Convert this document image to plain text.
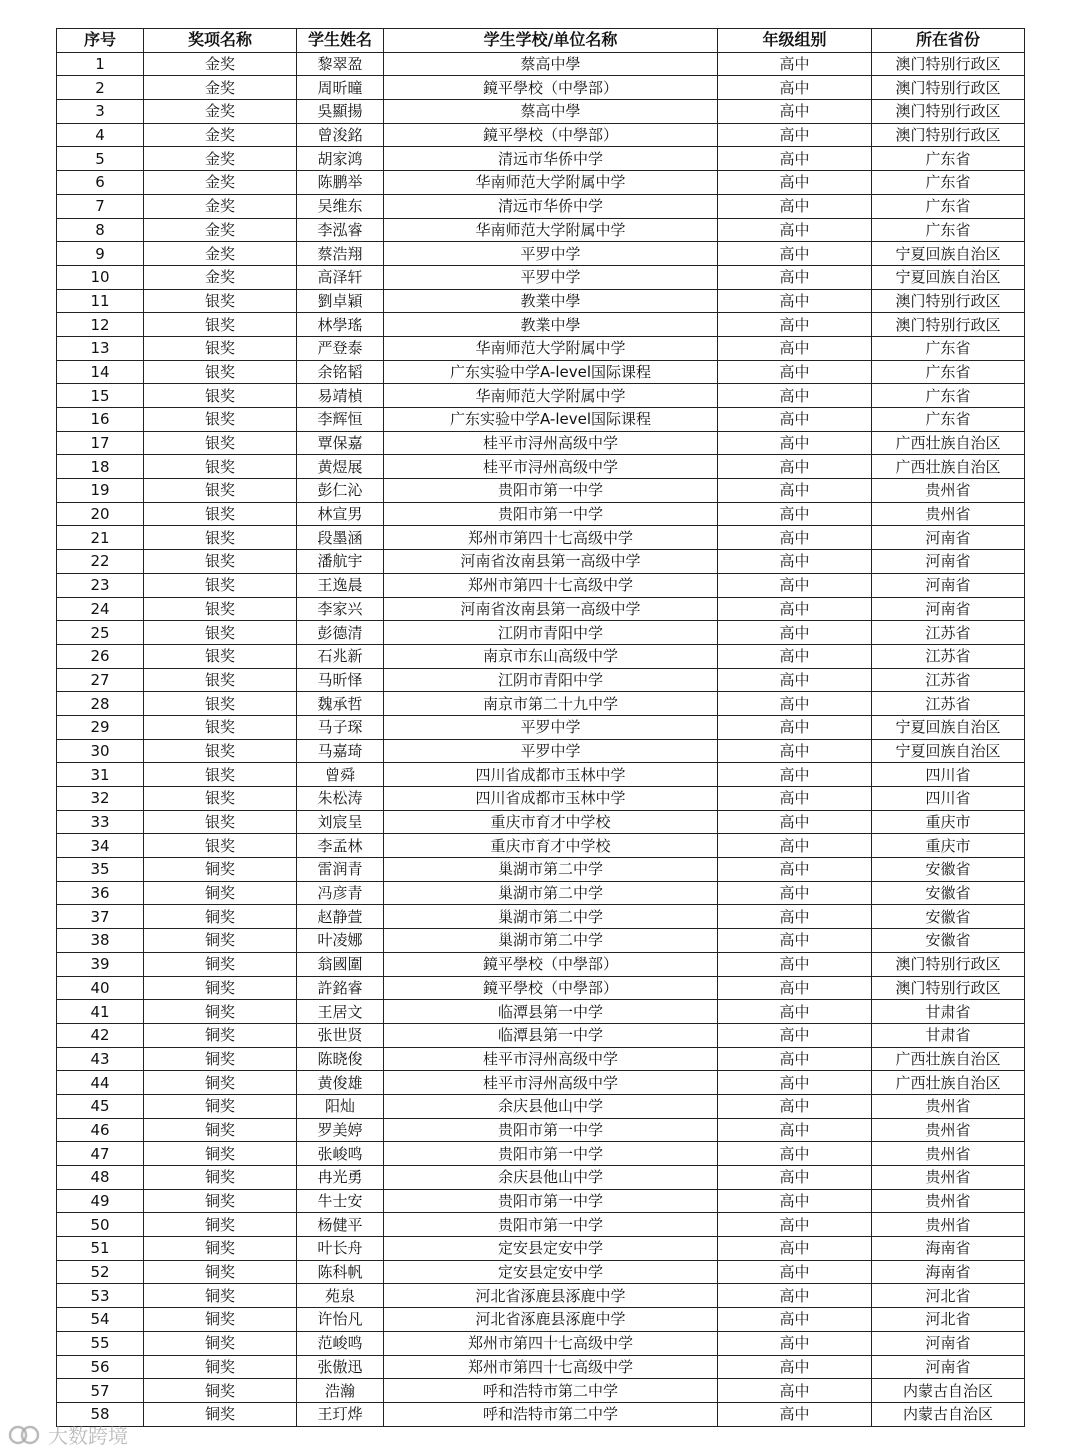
序号	奖项名称	学生姓名	学生学校/单位名称	年级组别	所在省份
1	金奖	黎翠盈	蔡高中學	高中	澳门特别行政区
2	金奖	周昕曈	鏡平學校（中學部）	高中	澳门特别行政区
3	金奖	吳顯揚	蔡高中學	高中	澳门特别行政区
4	金奖	曾浚銘	鏡平學校（中學部）	高中	澳门特别行政区
5	金奖	胡家鸿	清远市华侨中学	高中	广东省
6	金奖	陈鹏举	华南师范大学附属中学	高中	广东省
7	金奖	吴维东	清远市华侨中学	高中	广东省
8	金奖	李泓睿	华南师范大学附属中学	高中	广东省
9	金奖	蔡浩翔	平罗中学	高中	宁夏回族自治区
10	金奖	高泽轩	平罗中学	高中	宁夏回族自治区
11	银奖	劉卓穎	教業中學	高中	澳门特别行政区
12	银奖	林學瑤	教業中學	高中	澳门特别行政区
13	银奖	严登泰	华南师范大学附属中学	高中	广东省
14	银奖	余铭韬	广东实验中学A-level国际课程	高中	广东省
15	银奖	易靖楨	华南师范大学附属中学	高中	广东省
16	银奖	李辉恒	广东实验中学A-level国际课程	高中	广东省
17	银奖	覃保嘉	桂平市浔州高级中学	高中	广西壮族自治区
18	银奖	黄煜展	桂平市浔州高级中学	高中	广西壮族自治区
19	银奖	彭仁沁	贵阳市第一中学	高中	贵州省
20	银奖	林宣男	贵阳市第一中学	高中	贵州省
21	银奖	段墨涵	郑州市第四十七高级中学	高中	河南省
22	银奖	潘航宇	河南省汝南县第一高级中学	高中	河南省
23	银奖	王逸晨	郑州市第四十七高级中学	高中	河南省
24	银奖	李家兴	河南省汝南县第一高级中学	高中	河南省
25	银奖	彭德清	江阴市青阳中学	高中	江苏省
26	银奖	石兆新	南京市东山高级中学	高中	江苏省
27	银奖	马昕怿	江阴市青阳中学	高中	江苏省
28	银奖	魏承哲	南京市第二十九中学	高中	江苏省
29	银奖	马子琛	平罗中学	高中	宁夏回族自治区
30	银奖	马嘉琦	平罗中学	高中	宁夏回族自治区
31	银奖	曾舜	四川省成都市玉林中学	高中	四川省
32	银奖	朱松涛	四川省成都市玉林中学	高中	四川省
33	银奖	刘宸呈	重庆市育才中学校	高中	重庆市
34	银奖	李孟林	重庆市育才中学校	高中	重庆市
35	铜奖	雷润青	巢湖市第二中学	高中	安徽省
36	铜奖	冯彦青	巢湖市第二中学	高中	安徽省
37	铜奖	赵静萱	巢湖市第二中学	高中	安徽省
38	铜奖	叶凌娜	巢湖市第二中学	高中	安徽省
39	铜奖	翁國圍	鏡平學校（中學部）	高中	澳门特别行政区
40	铜奖	許銘睿	鏡平學校（中學部）	高中	澳门特别行政区
41	铜奖	王居文	临潭县第一中学	高中	甘肃省
42	铜奖	张世贤	临潭县第一中学	高中	甘肃省
43	铜奖	陈晓俊	桂平市浔州高级中学	高中	广西壮族自治区
44	铜奖	黄俊雄	桂平市浔州高级中学	高中	广西壮族自治区
45	铜奖	阳灿	余庆县他山中学	高中	贵州省
46	铜奖	罗美婷	贵阳市第一中学	高中	贵州省
47	铜奖	张峻鸣	贵阳市第一中学	高中	贵州省
48	铜奖	冉光勇	余庆县他山中学	高中	贵州省
49	铜奖	牛士安	贵阳市第一中学	高中	贵州省
50	铜奖	杨健平	贵阳市第一中学	高中	贵州省
51	铜奖	叶长舟	定安县定安中学	高中	海南省
52	铜奖	陈科帆	定安县定安中学	高中	海南省
53	铜奖	苑泉	河北省涿鹿县涿鹿中学	高中	河北省
54	铜奖	许怡凡	河北省涿鹿县涿鹿中学	高中	河北省
55	铜奖	范峻鸣	郑州市第四十七高级中学	高中	河南省
56	铜奖	张傲迅	郑州市第四十七高级中学	高中	河南省
57	铜奖	浩瀚	呼和浩特市第二中学	高中	内蒙古自治区
58	铜奖	王玎烨	呼和浩特市第二中学	高中	内蒙古自治区
大数跨境
